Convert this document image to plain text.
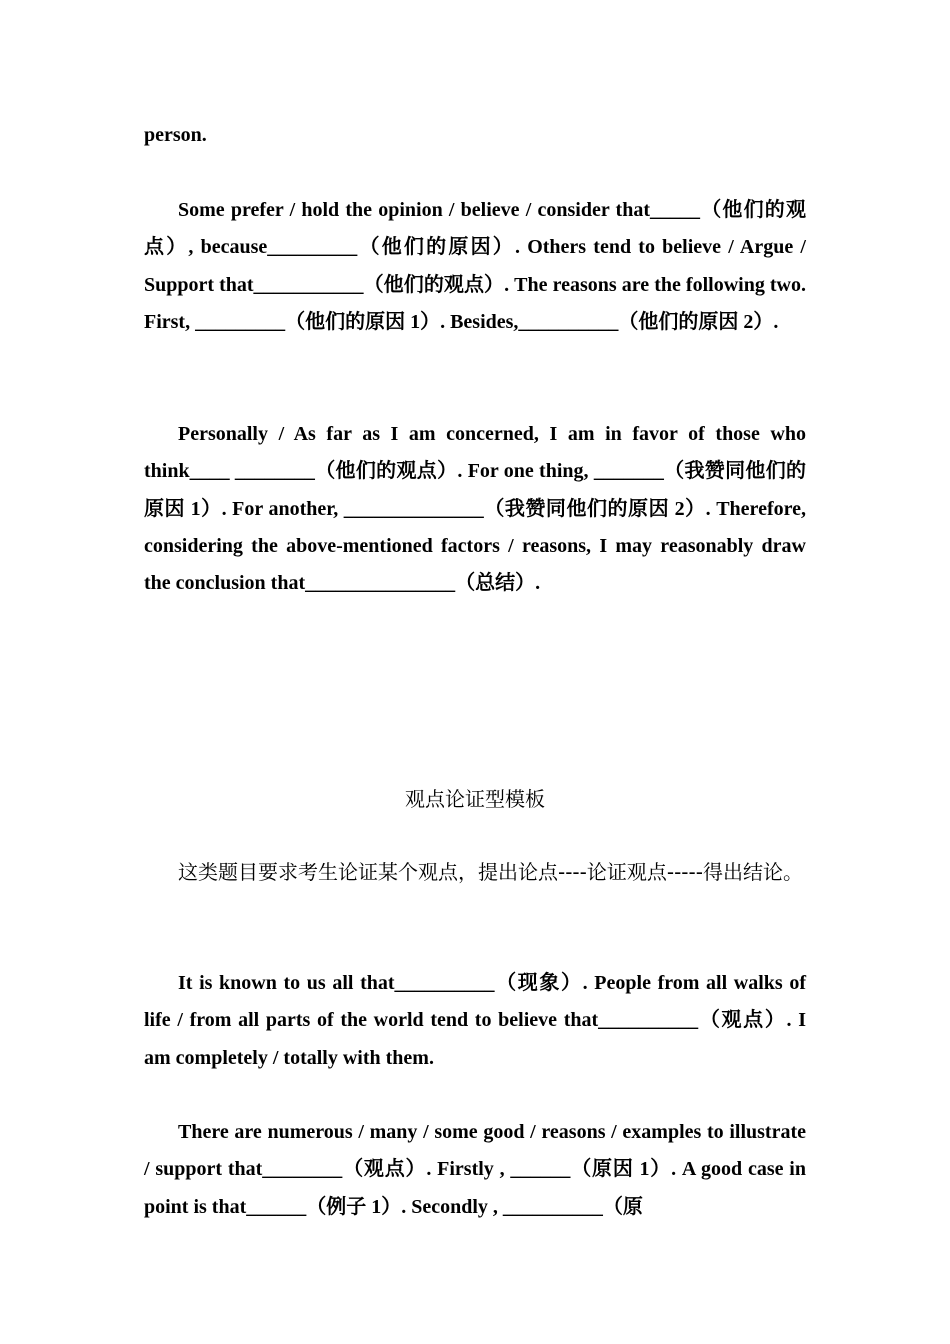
person.

Some prefer / hold the opinion / believe / consider that_____（他们的观点）, because_________（他们的原因）. Others tend to believe / Argue / Support that___________（他们的观点）. The reasons are the following two. First, _________（他们的原因 1）. Besides,__________（他们的原因 2）.

Personally / As far as I am concerned, I am in favor of those who think____ ________（他们的观点）. For one thing, _______（我赞同他们的原因 1）. For another, ______________（我赞同他们的原因 2）. Therefore, considering the above-mentioned factors / reasons, I may reasonably draw the conclusion that_______________（总结）.

观点论证型模板

这类题目要求考生论证某个观点，提出论点----论证观点-----得出结论。

It is known to us all that__________（现象）. People from all walks of life / from all parts of the world tend to believe that__________（观点）. I am completely / totally with them.

There are numerous / many / some good / reasons / examples to illustrate / support that________（观点）. Firstly , ______（原因 1）. A good case in point is that______（例子 1）. Secondly , __________（原
